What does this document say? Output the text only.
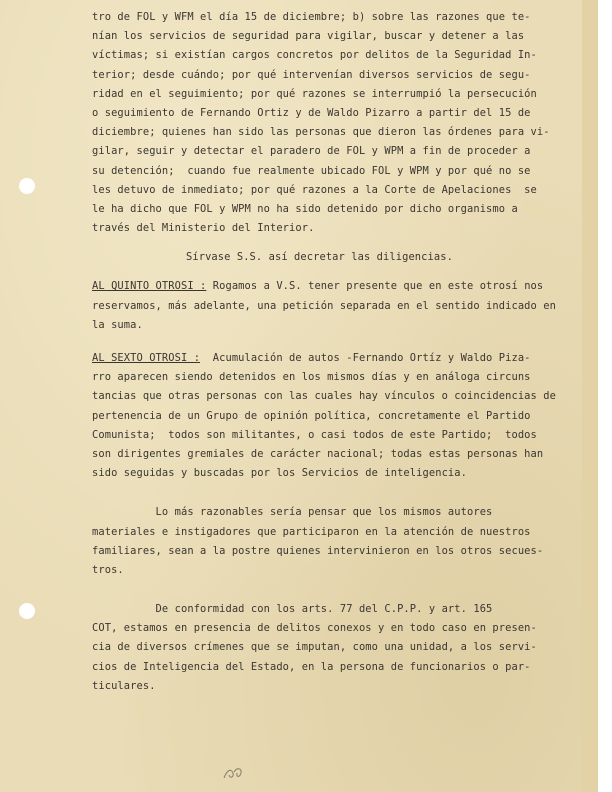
tro de FOL y WFM el día 15 de diciembre; b) sobre las razones que te-
nían los servicios de seguridad para vigilar, buscar y detener a las
víctimas; si existían cargos concretos por delitos de la Seguridad In-
terior; desde cuándo; por qué intervenían diversos servicios de segu-
ridad en el seguimiento; por qué razones se interrumpió la persecución
o seguimiento de Fernando Ortiz y de Waldo Pizarro a partir del 15 de
diciembre; quienes han sido las personas que dieron las órdenes para vi-
gilar, seguir y detectar el paradero de FOL y WPM a fin de proceder a
su detención;  cuando fue realmente ubicado FOL y WPM y por qué no se
les detuvo de inmediato; por qué razones a la Corte de Apelaciones  se
le ha dicho que FOL y WPM no ha sido detenido por dicho organismo a
través del Ministerio del Interior.
Sírvase S.S. así decretar las diligencias.
AL QUINTO OTROSI : Rogamos a V.S. tener presente que en este otrosí nos
reservamos, más adelante, una petición separada en el sentido indicado en
la suma.
AL SEXTO OTROSI :  Acumulación de autos -Fernando Ortíz y Waldo Piza-
rro aparecen siendo detenidos en los mismos días y en análoga circuns
tancias que otras personas con las cuales hay vínculos o coincidencias de
pertenencia de un Grupo de opinión política, concretamente el Partido
Comunista;  todos son militantes, o casi todos de este Partido;  todos
son dirigentes gremiales de carácter nacional; todas estas personas han
sido seguidas y buscadas por los Servicios de inteligencia.
Lo más razonables sería pensar que los mismos autores
materiales e instigadores que participaron en la atención de nuestros
familiares, sean a la postre quienes intervinieron en los otros secues-
tros.
De conformidad con los arts. 77 del C.P.P. y art. 165
COT, estamos en presencia de delitos conexos y en todo caso en presen-
cia de diversos crímenes que se imputan, como una unidad, a los servi-
cios de Inteligencia del Estado, en la persona de funcionarios o par-
ticulares.
